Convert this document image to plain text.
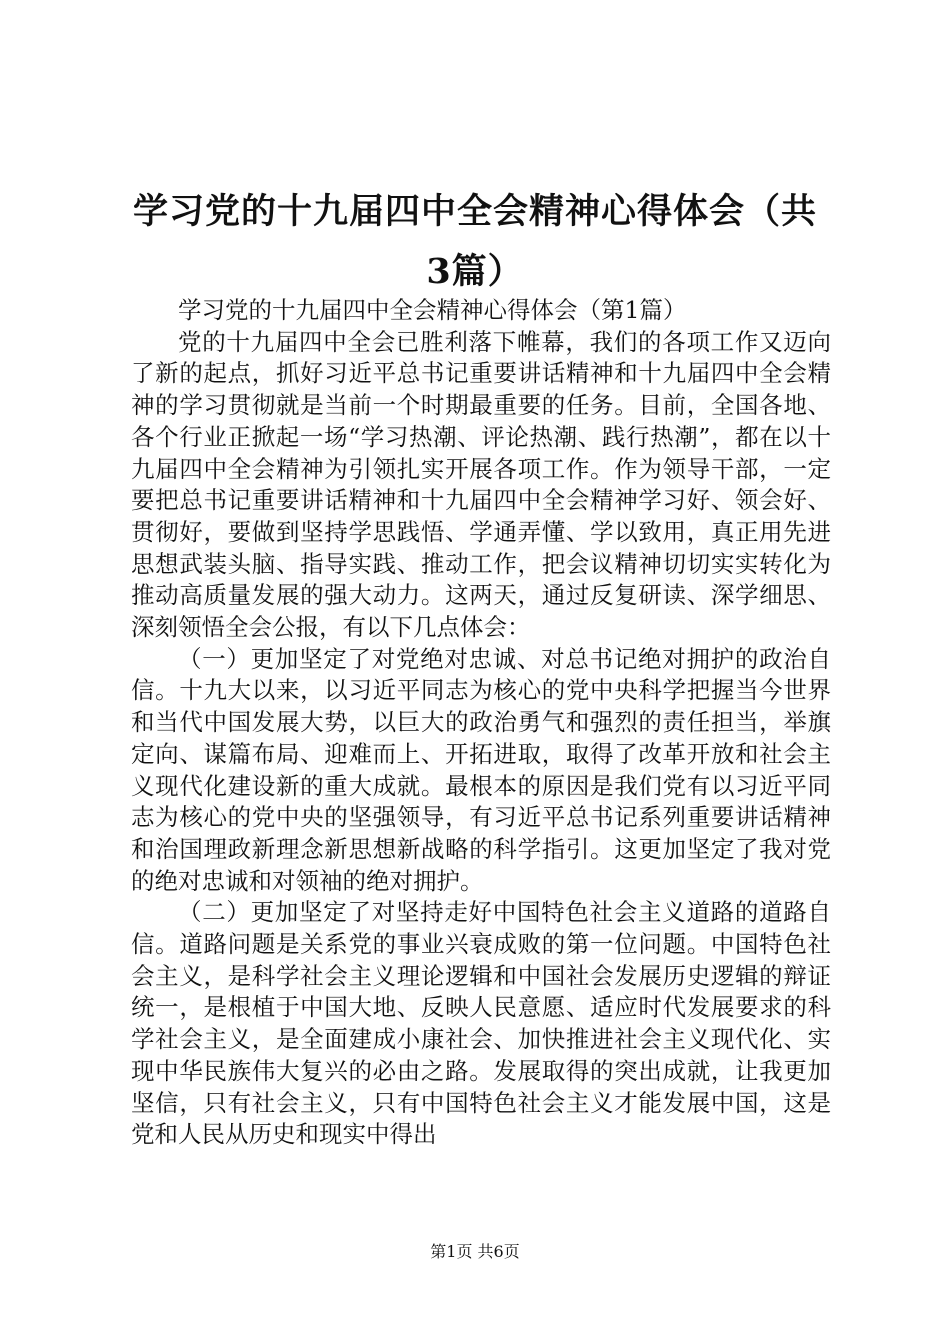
学习党的十九届四中全会精神心得体会（共3篇）

学习党的十九届四中全会精神心得体会（第1篇）

党的十九届四中全会已胜利落下帷幕，我们的各项工作又迈向了新的起点，抓好习近平总书记重要讲话精神和十九届四中全会精神的学习贯彻就是当前一个时期最重要的任务。目前，全国各地、各个行业正掀起一场“学习热潮、评论热潮、践行热潮”，都在以十九届四中全会精神为引领扎实开展各项工作。作为领导干部，一定要把总书记重要讲话精神和十九届四中全会精神学习好、领会好、贯彻好，要做到坚持学思践悟、学通弄懂、学以致用，真正用先进思想武装头脑、指导实践、推动工作，把会议精神切切实实转化为推动高质量发展的强大动力。这两天，通过反复研读、深学细思、深刻领悟全会公报，有以下几点体会：

（一）更加坚定了对党绝对忠诚、对总书记绝对拥护的政治自信。十九大以来，以习近平同志为核心的党中央科学把握当今世界和当代中国发展大势，以巨大的政治勇气和强烈的责任担当，举旗定向、谋篇布局、迎难而上、开拓进取，取得了改革开放和社会主义现代化建设新的重大成就。最根本的原因是我们党有以习近平同志为核心的党中央的坚强领导，有习近平总书记系列重要讲话精神和治国理政新理念新思想新战略的科学指引。这更加坚定了我对党的绝对忠诚和对领袖的绝对拥护。

（二）更加坚定了对坚持走好中国特色社会主义道路的道路自信。道路问题是关系党的事业兴衰成败的第一位问题。中国特色社会主义，是科学社会主义理论逻辑和中国社会发展历史逻辑的辩证统一，是根植于中国大地、反映人民意愿、适应时代发展要求的科学社会主义，是全面建成小康社会、加快推进社会主义现代化、实现中华民族伟大复兴的必由之路。发展取得的突出成就，让我更加坚信，只有社会主义，只有中国特色社会主义才能发展中国，这是党和人民从历史和现实中得出

第1页 共6页
